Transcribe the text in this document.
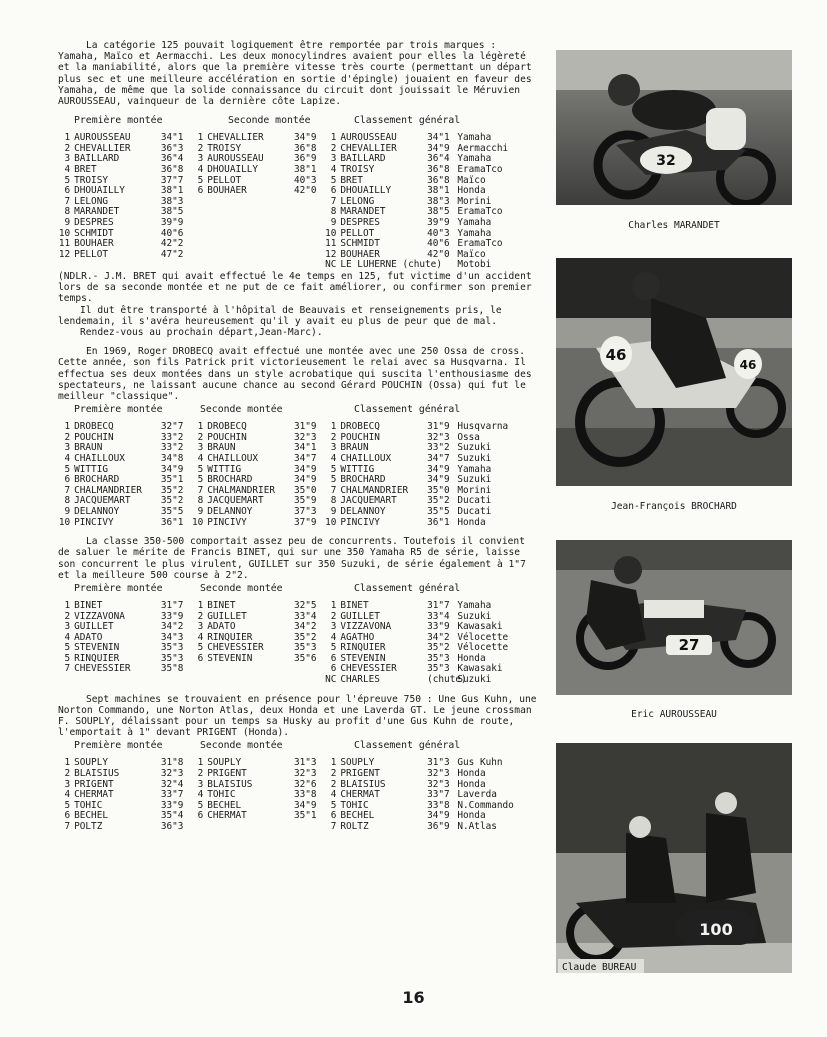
La catégorie 125 pouvait logiquement être remportée par trois marques : Yamaha, Maïco et Aermacchi. Les deux monocylindres avaient pour elles la légèreté et la maniabilité, alors que la première vitesse très courte (permettant un départ plus sec et une meilleure accélération en sortie d'épingle) jouaient en faveur des Yamaha, de même que la solide connaissance du circuit dont jouissait le Méruvien AUROUSSEAU, vainqueur de la dernière côte Lapize.

Première montée	Seconde montée	Classement général
1	AUROUSSEAU	34"1	1	CHEVALLIER	34"9	1	AUROUSSEAU	34"1	Yamaha
2	CHEVALLIER	36"3	2	TROISY	36"8	2	CHEVALLIER	34"9	Aermacchi
3	BAILLARD	36"4	3	AUROUSSEAU	36"9	3	BAILLARD	36"4	Yamaha
4	BRET	36"8	4	DHOUAILLY	38"1	4	TROISY	36"8	EramaTco
5	TROISY	37"7	5	PELLOT	40"3	5	BRET	36"8	Maïco
6	DHOUAILLY	38"1	6	BOUHAER	42"0	6	DHOUAILLY	38"1	Honda
7	LELONG	38"3				7	LELONG	38"3	Morini
8	MARANDET	38"5				8	MARANDET	38"5	EramaTco
9	DESPRES	39"9				9	DESPRES	39"9	Yamaha
10	SCHMIDT	40"6				10	PELLOT	40"3	Yamaha
11	BOUHAER	42"2				11	SCHMIDT	40"6	EramaTco
12	PELLOT	47"2				12	BOUHAER	42"0	Maïco
						NC	LE LUHERNE (chute)		Motobi

(NDLR.- J.M. BRET qui avait effectué le 4e temps en 125, fut victime d'un accident lors de sa seconde montée et ne put de ce fait améliorer, ou confirmer son premier temps.

Il dut être transporté à l'hôpital de Beauvais et renseignements pris, le lendemain, il s'avéra heureusement qu'il y avait eu plus de peur que de mal.

Rendez-vous au prochain départ,Jean-Marc).

En 1969, Roger DROBECQ avait effectué une montée avec une 250 Ossa de cross. Cette année, son fils Patrick prit victorieusement le relai avec sa Husqvarna. Il effectua ses deux montées dans un style acrobatique qui suscita l'enthousiasme des spectateurs, ne laissant aucune chance au second Gérard POUCHIN (Ossa) qui fut le meilleur "classique".

Première montée	Seconde montée	Classement général
1	DROBECQ	32"7	1	DROBECQ	31"9	1	DROBECQ	31"9	Husqvarna
2	POUCHIN	33"2	2	POUCHIN	32"3	2	POUCHIN	32"3	Ossa
3	BRAUN	33"2	3	BRAUN	34"1	3	BRAUN	33"2	Suzuki
4	CHAILLOUX	34"8	4	CHAILLOUX	34"7	4	CHAILLOUX	34"7	Suzuki
5	WITTIG	34"9	5	WITTIG	34"9	5	WITTIG	34"9	Yamaha
6	BROCHARD	35"1	5	BROCHARD	34"9	5	BROCHARD	34"9	Suzuki
7	CHALMANDRIER	35"2	7	CHALMANDRIER	35"0	7	CHALMANDRIER	35"0	Morini
8	JACQUEMART	35"2	8	JACQUEMART	35"9	8	JACQUEMART	35"2	Ducati
9	DELANNOY	35"5	9	DELANNOY	37"3	9	DELANNOY	35"5	Ducati
10	PINCIVY	36"1	10	PINCIVY	37"9	10	PINCIVY	36"1	Honda

La classe 350-500 comportait assez peu de concurrents. Toutefois il convient de saluer le mérite de Francis BINET, qui sur une 350 Yamaha R5 de série, laisse son concurrent le plus virulent, GUILLET sur 350 Suzuki, de série également à 1"7 et la meilleure 500 course à 2"2.

Première montée	Seconde montée	Classement général
1	BINET	31"7	1	BINET	32"5	1	BINET	31"7	Yamaha
2	VIZZAVONA	33"9	2	GUILLET	33"4	2	GUILLET	33"4	Suzuki
3	GUILLET	34"2	3	ADATO	34"2	3	VIZZAVONA	33"9	Kawasaki
4	ADATO	34"3	4	RINQUIER	35"2	4	AGATHO	34"2	Vélocette
5	STEVENIN	35"3	5	CHEVESSIER	35"3	5	RINQUIER	35"2	Vélocette
5	RINQUIER	35"3	6	STEVENIN	35"6	6	STEVENIN	35"3	Honda
7	CHEVESSIER	35"8				6	CHEVESSIER	35"3	Kawasaki
						NC	CHARLES	(chute)	Suzuki

Sept machines se trouvaient en présence pour l'épreuve 750 : Une Gus Kuhn, une Norton Commando, une Norton Atlas, deux Honda et une Laverda GT. Le jeune crossman F. SOUPLY, délaissant pour un temps sa Husky au profit d'une Gus Kuhn de route, l'emportait à 1" devant PRIGENT (Honda).

Première montée	Seconde montée	Classement général
1	SOUPLY	31"8	1	SOUPLY	31"3	1	SOUPLY	31"3	Gus Kuhn
2	BLAISIUS	32"3	2	PRIGENT	32"3	2	PRIGENT	32"3	Honda
3	PRIGENT	32"4	3	BLAISIUS	32"6	2	BLAISIUS	32"3	Honda
4	CHERMAT	33"7	4	TOHIC	33"8	4	CHERMAT	33"7	Laverda
5	TOHIC	33"9	5	BECHEL	34"9	5	TOHIC	33"8	N.Commando
6	BECHEL	35"4	6	CHERMAT	35"1	6	BECHEL	34"9	Honda
7	POLTZ	36"3				7	ROLTZ	36"9	N.Atlas
32
Charles MARANDET
46
46
Jean-François BROCHARD
27
Eric AUROUSSEAU
100
Claude BUREAU
16
